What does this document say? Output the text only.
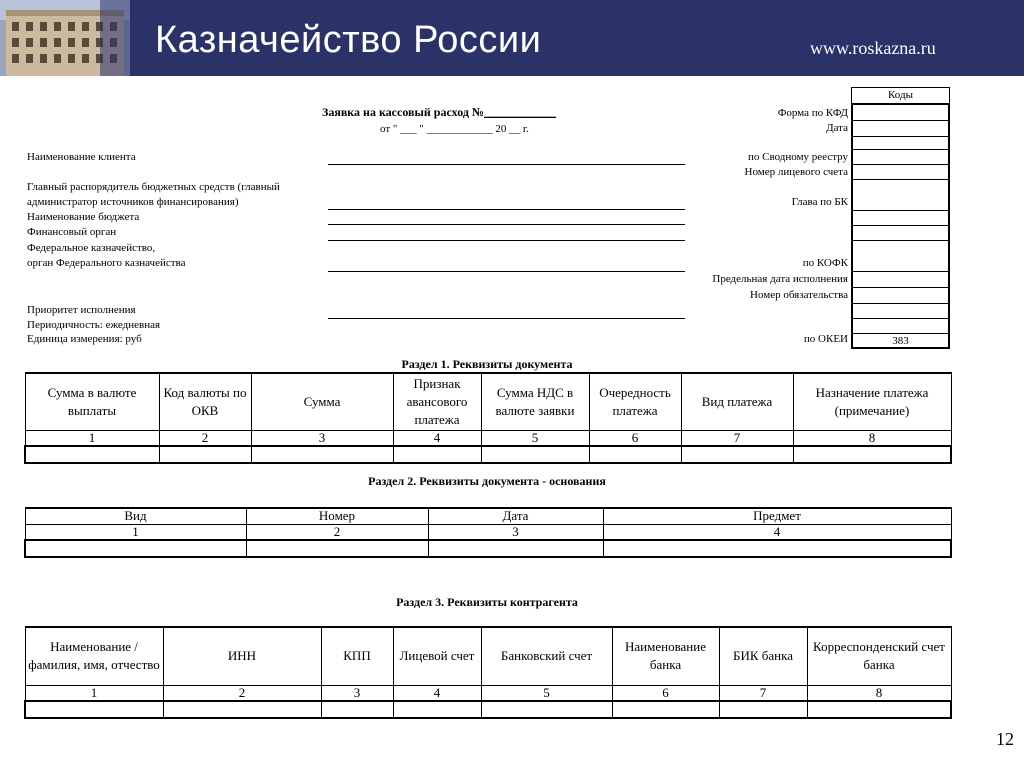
Казначейство России	www.roskazna.ru
Заявка на кассовый расход №____________
от " ___ " ____________ 20 __ г.
Наименование клиента
Главный распорядитель бюджетных средств (главный
администратор источников финансирования)
Наименование бюджета
Финансовый орган
Федеральное казначейство,
орган Федерального казначейства
Приоритет исполнения
Периодичность: ежедневная
Единица измерения: руб
Форма по КФД
Дата
по Сводному реестру
Номер лицевого счета
Глава по БК
по КОФК
Предельная дата исполнения
Номер обязательства
по ОКЕИ
Коды
383
Раздел 1. Реквизиты документа
Сумма в валюте выплаты	Код валюты по ОКВ	Сумма	Признак авансового платежа	Сумма НДС в валюте заявки	Очередность платежа	Вид платежа	Назначение платежа (примечание)
1	2	3	4	5	6	7	8

Раздел 2. Реквизиты документа - основания
Вид	Номер	Дата	Предмет
1	2	3	4

Раздел 3. Реквизиты контрагента
Наименование / фамилия, имя, отчество	ИНН	КПП	Лицевой счет	Банковский счет	Наименование банка	БИК банка	Корреспонденский счет банка
1	2	3	4	5	6	7	8

12
